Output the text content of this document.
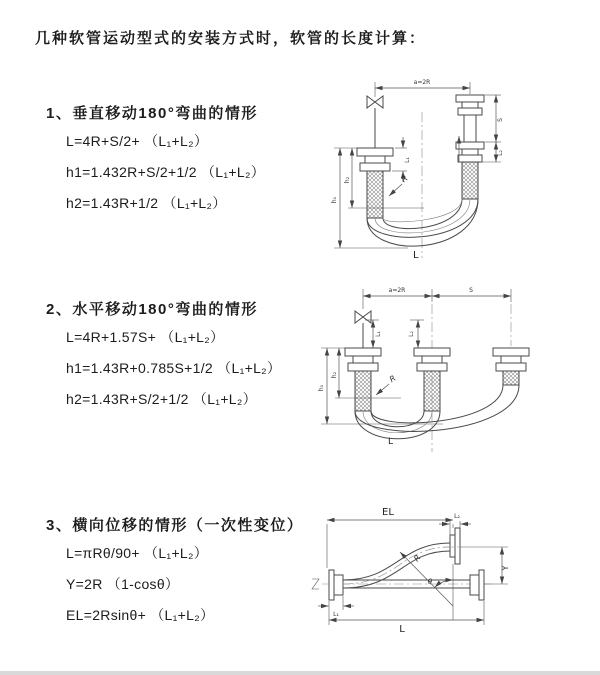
几种软管运动型式的安装方式时，软管的长度计算：
1、垂直移动180°弯曲的情形
L=4R+S/2+ （L₁+L₂）
h1=1.432R+S/2+1/2 （L₁+L₂）
h2=1.43R+1/2 （L₁+L₂）
2、水平移动180°弯曲的情形
L=4R+1.57S+ （L₁+L₂）
h1=1.43R+0.785S+1/2 （L₁+L₂）
h2=1.43R+S/2+1/2 （L₁+L₂）
3、横向位移的情形（一次性变位）
L=πRθ/90+ （L₁+L₂）
Y=2R （1-cosθ）
EL=2Rsinθ+ （L₁+L₂）
a=2R
L₁
h₁
h₂
S
L₂
R
L
a=2R	S
L₁	L₂
h₁
h₂	R
L
EL	L₂
θ
R
Y
L₁
L
